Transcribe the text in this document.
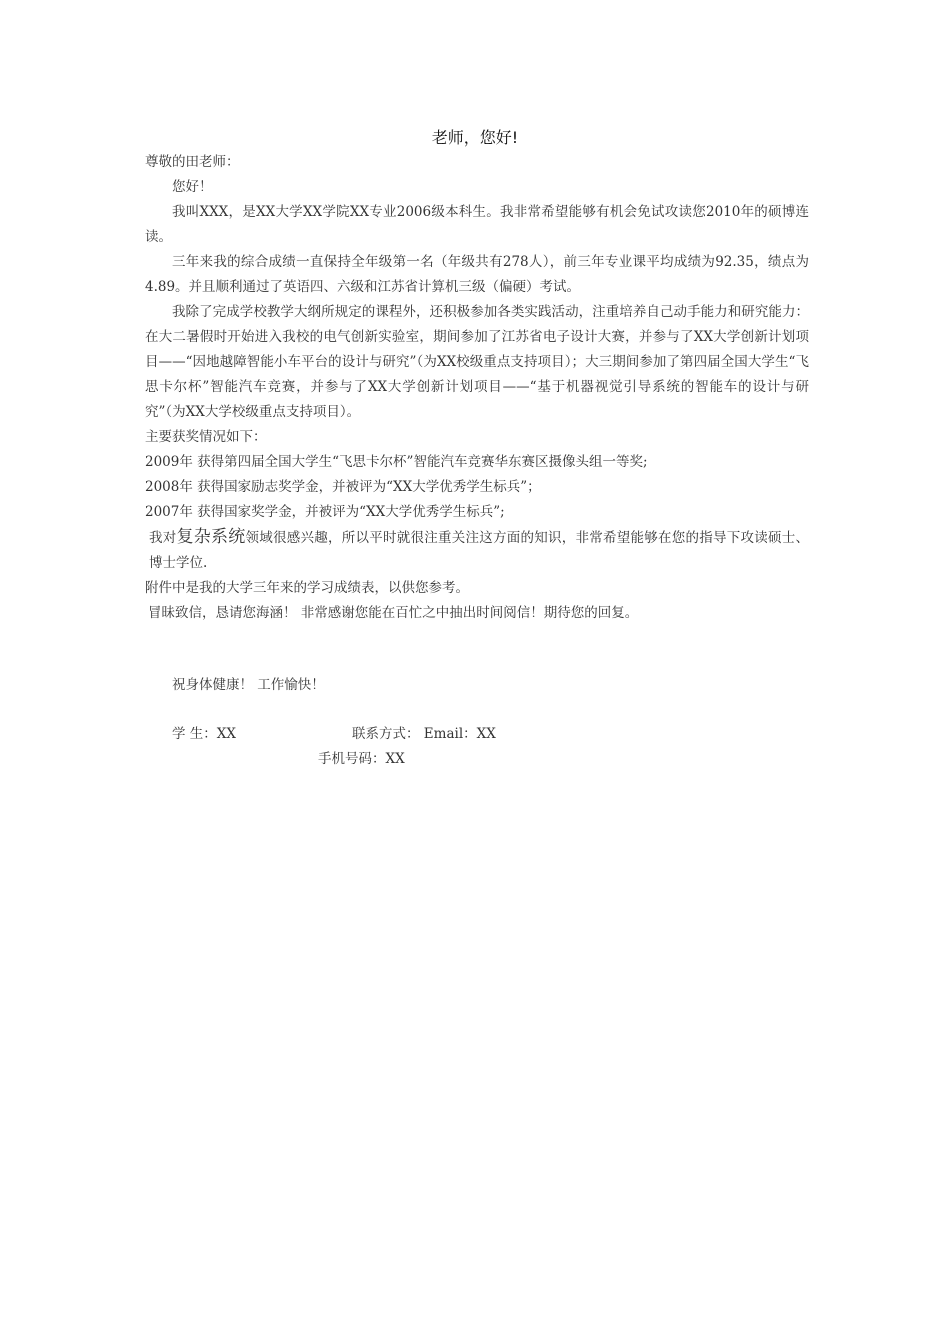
老师，您好!

尊敬的田老师：

您好！

我叫XXX，是XX大学XX学院XX专业2006级本科生。我非常希望能够有机会免试攻读您2010年的硕博连读。

三年来我的综合成绩一直保持全年级第一名（年级共有278人），前三年专业课平均成绩为92.35，绩点为4.89。并且顺利通过了英语四、六级和江苏省计算机三级（偏硬）考试。

我除了完成学校教学大纲所规定的课程外，还积极参加各类实践活动，注重培养自己动手能力和研究能力：在大二暑假时开始进入我校的电气创新实验室，期间参加了江苏省电子设计大赛，并参与了XX大学创新计划项目——“因地越障智能小车平台的设计与研究”（为XX校级重点支持项目）；大三期间参加了第四届全国大学生“飞思卡尔杯”智能汽车竞赛，并参与了XX大学创新计划项目——“基于机器视觉引导系统的智能车的设计与研究”（为XX大学校级重点支持项目）。

主要获奖情况如下：

2009年 获得第四届全国大学生“飞思卡尔杯”智能汽车竞赛华东赛区摄像头组一等奖;

2008年 获得国家励志奖学金，并被评为“XX大学优秀学生标兵”；

2007年 获得国家奖学金，并被评为“XX大学优秀学生标兵”;

我对复杂系统领域很感兴趣，所以平时就很注重关注这方面的知识，非常希望能够在您的指导下攻读硕士、博士学位.

附件中是我的大学三年来的学习成绩表，以供您参考。

冒昧致信，恳请您海涵！ 非常感谢您能在百忙之中抽出时间阅信！期待您的回复。

祝身体健康！ 工作愉快！
学 生：XX	联系方式： Email：XX
手机号码：XX
